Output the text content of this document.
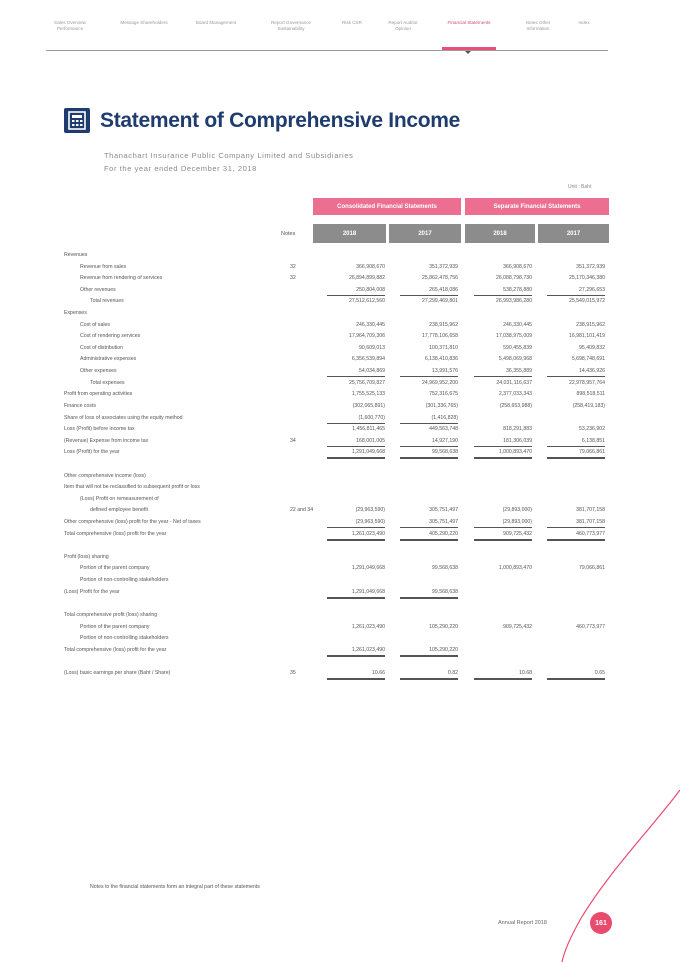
Sales Overview Performance
Message Shareholders	Board Management	Report Governance Sustainability
Risk CSR	Report Auditor Opinion
Financial Statements	Notes Other Information
Index
Statement of Comprehensive Income
Thanachart Insurance Public Company Limited and Subsidiaries
For the year ended December 31, 2018
Unit : Baht
Consolidated Financial Statements	Separate Financial Statements
Notes	2018	2017	2018	2017
Revenues
Revenue from sales	32	366,908,670	351,372,939	366,908,670	351,372,939
Revenue from rendering of services	32	26,894,899,882	25,862,478,756	26,088,798,730	25,170,346,380
Other revenues	250,804,008	265,418,086	538,278,880	27,296,653
Total revenues	27,512,612,560	27,299,469,801	26,993,986,280	25,549,015,972
Expenses
Cost of sales	246,330,445	238,915,962	246,330,445	238,915,962
Cost of rendering services	17,964,709,306	17,778,106,658	17,038,975,009	16,981,101,419
Cost of distribution	90,609,013	100,371,810	590,455,839	95,409,832
Administrative expenses	6,356,539,894	6,138,410,836	5,498,069,968	5,698,748,691
Other expenses	54,034,869	13,991,576	36,355,889	14,436,926
Total expenses	25,756,709,827	24,969,952,200	24,031,116,637	22,978,957,764
Profit from operating activities	1,755,525,133	752,316,675	2,377,033,343	898,518,511
Finance costs	(302,065,891)	(301,336,765)	(258,653,988)	(258,419,183)
Share of loss of associates using the equity method	(1,600,770)	(1,416,828)
Loss (Profit) before income tax	1,456,811,465	449,563,748	818,291,883	53,236,902
(Revenue) Expense from income tax	34	168,001,005	14,927,190	181,306,039	6,138,851
Loss (Profit) for the year	1,291,049,668	99,568,638	1,000,893,470	79,066,861
Other comprehensive income (loss)
Item that will not be reclassified to subsequent profit or loss
(Loss) Profit on remeasurement of
defined employee benefit	22 and 34	(29,963,590)	305,751,497	(29,893,000)	381,707,158
Other comprehensive (loss) profit for the year - Net of taxes	(29,963,590)	305,751,497	(29,893,000)	381,707,158
Total comprehensive (loss) profit for the year	1,261,023,490	405,290,220	909,725,432	460,773,977
Profit (loss) sharing
Portion of the parent company	1,291,049,668	99,568,638	1,000,893,470	79,066,861
Portion of non-controlling stakeholders
(Loss) Profit for the year	1,291,049,668	99,568,638
Total comprehensive profit (loss) sharing
Portion of the parent company	1,261,023,490	105,290,220	909,725,432	460,773,977
Portion of non-controlling stakeholders
Total comprehensive (loss) profit for the year	1,261,023,490	105,290,220
(Loss) basic earnings per share (Baht / Share)	35	10.66	0.82	10.68	0.65
Notes to the financial statements form an integral part of these statements
Annual Report 2018	161
